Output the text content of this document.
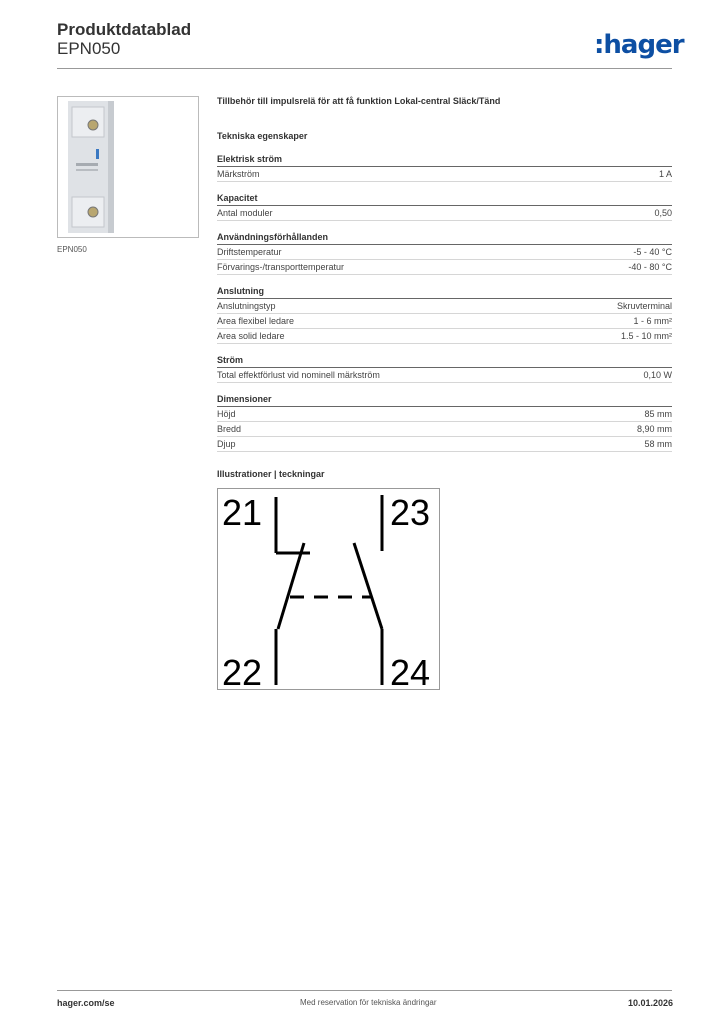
Produktdatablad
EPN050	:hager
EPN050
Tillbehör till impulsrelä för att få funktion Lokal-central Släck/Tänd
Tekniska egenskaper
Elektrisk ström
Märkström	1 A
Kapacitet
Antal moduler	0,50
Användningsförhållanden
Driftstemperatur	-5 - 40 °C
Förvarings-/transporttemperatur	-40 - 80 °C
Anslutning
Anslutningstyp	Skruvterminal
Area flexibel ledare	1 - 6 mm²
Area solid ledare	1.5 - 10 mm²
Ström
Total effektförlust vid nominell märkström	0,10 W
Dimensioner
Höjd	85 mm
Bredd	8,90 mm
Djup	58 mm
Illustrationer | teckningar
21	23
22	24
hager.com/se	Med reservation för tekniska ändringar	10.01.2026
